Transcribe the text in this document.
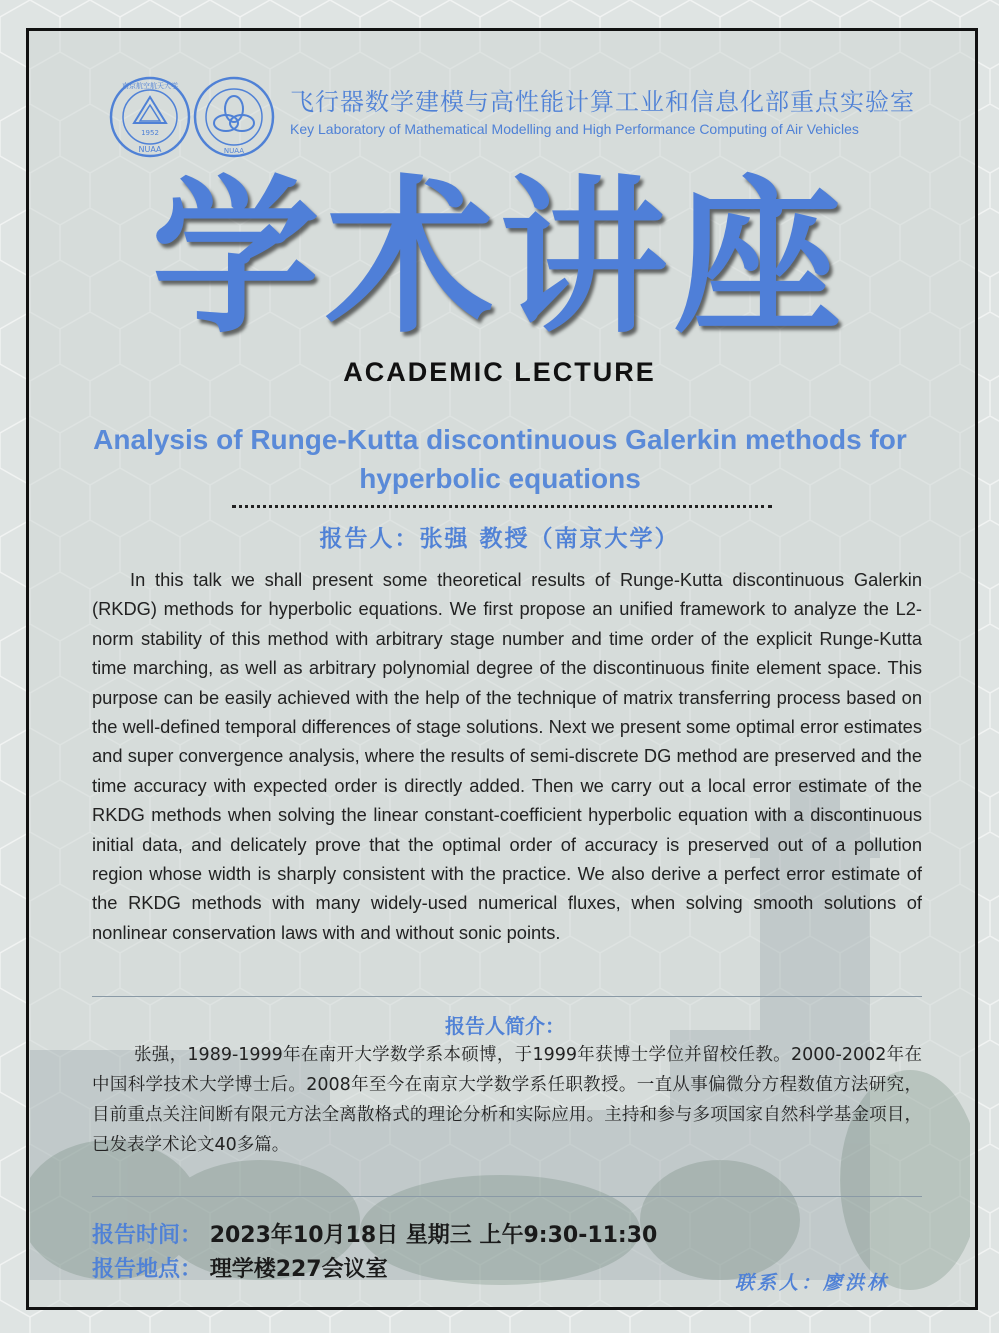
1952
NUAA
南京航空航天大学
NUAA
飞行器数学建模与高性能计算工业和信息化部重点实验室
Key Laboratory of Mathematical Modelling and High Performance Computing of Air Vehicles
学术讲座
ACADEMIC LECTURE
Analysis of Runge-Kutta discontinuous Galerkin methods for hyperbolic equations
报告人：张强 教授（南京大学）
In this talk we shall present some theoretical results of Runge-Kutta discontinuous Galerkin (RKDG) methods for hyperbolic equations. We first propose an unified framework to analyze the L2-norm stability of this method with arbitrary stage number and time order of the explicit Runge-Kutta time marching, as well as arbitrary polynomial degree of the discontinuous finite element space. This purpose can be easily achieved with the help of the technique of matrix transferring process based on the well-defined temporal differences of stage solutions. Next we present some optimal error estimates and super convergence analysis, where the results of semi-discrete DG method are preserved and the time accuracy with expected order is directly added. Then we carry out a local error estimate of the RKDG methods when solving the linear constant-coefficient hyperbolic equation with a discontinuous initial data, and delicately prove that the optimal order of accuracy is preserved out of a pollution region whose width is sharply consistent with the practice. We also derive a perfect error estimate of the RKDG methods with many widely-used numerical fluxes, when solving smooth solutions of nonlinear conservation laws with and without sonic points.
报告人简介：
张强，1989-1999年在南开大学数学系本硕博，于1999年获博士学位并留校任教。2000-2002年在中国科学技术大学博士后。2008年至今在南京大学数学系任职教授。一直从事偏微分方程数值方法研究，目前重点关注间断有限元方法全离散格式的理论分析和实际应用。主持和参与多项国家自然科学基金项目，已发表学术论文40多篇。
报告时间： 2023年10月18日 星期三 上午9:30-11:30
报告地点： 理学楼227会议室
联系人：廖洪林
